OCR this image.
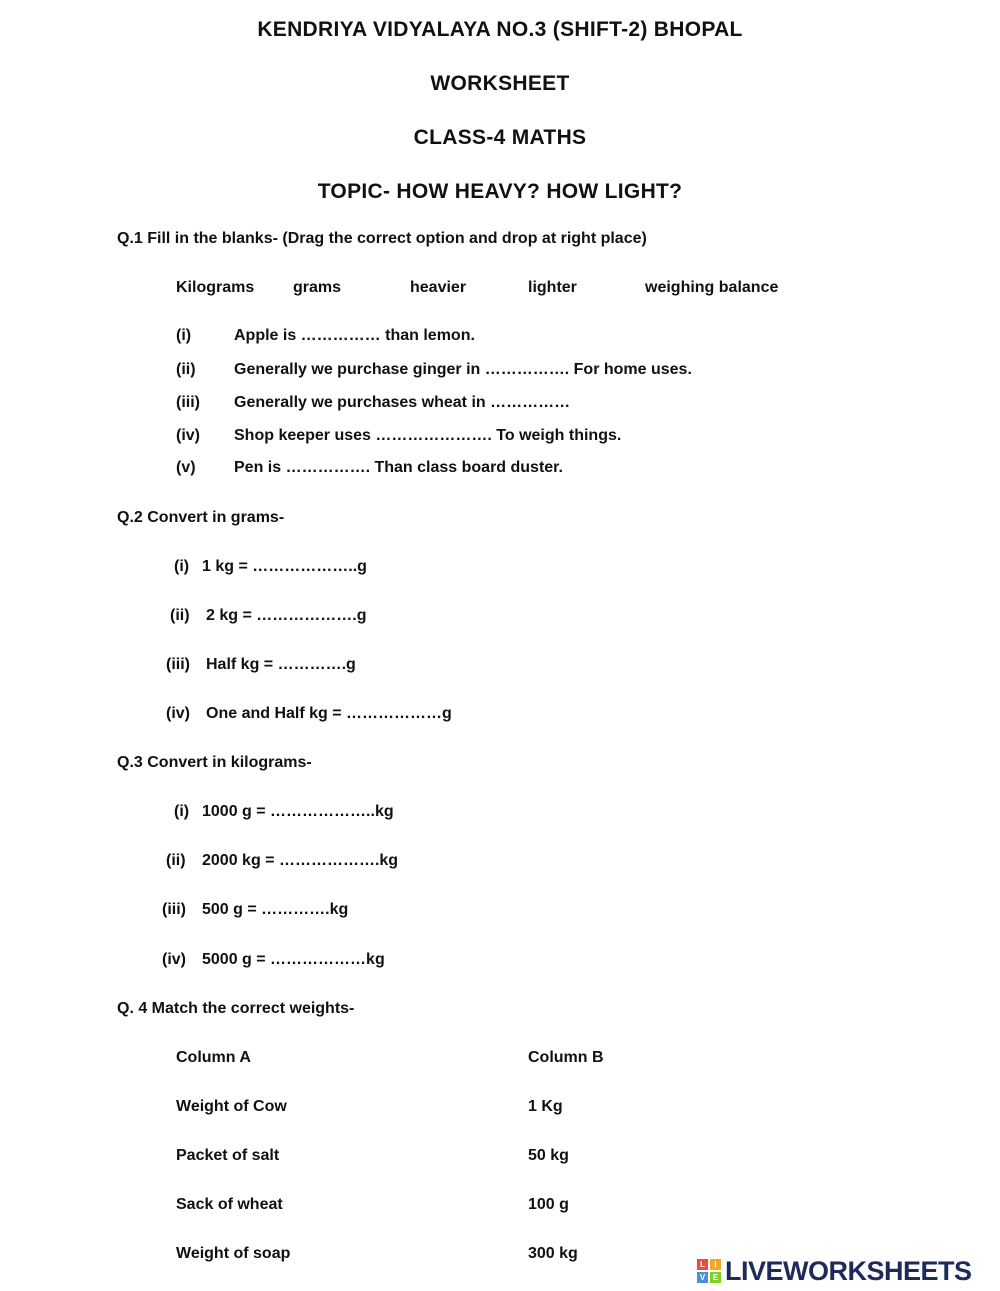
KENDRIYA VIDYALAYA NO.3 (SHIFT-2) BHOPAL
WORKSHEET
CLASS-4 MATHS
TOPIC- HOW HEAVY? HOW LIGHT?
Q.1 Fill in the blanks- (Drag the correct option and drop at right place)
Kilograms grams	heavier	lighter	weighing balance
(i)	Apple is …………… than lemon.
(ii) Generally we purchase ginger in ……………. For home uses.
(iii) Generally we purchases wheat in ……………
(iv) Shop keeper uses …………………. To weigh things.
(v) Pen is ……………. Than class board duster.
Q.2 Convert in grams-
(i) 1 kg = ………………..g
(ii) 2 kg = ……………….g
(iii) Half kg = ………….g
(iv) One and Half kg = ………………g
Q.3 Convert in kilograms-
(i) 1000 g = ………………..kg
(ii) 2000 kg = ……………….kg
(iii) 500 g = ………….kg
(iv) 5000 g = ………………kg
Q. 4 Match the correct weights-
Column A	Column B
Weight of Cow	1 Kg
Packet of salt	50 kg
Sack of wheat	100 g
Weight of soap	300 kg
L	I
V E LIVEWORKSHEETS
